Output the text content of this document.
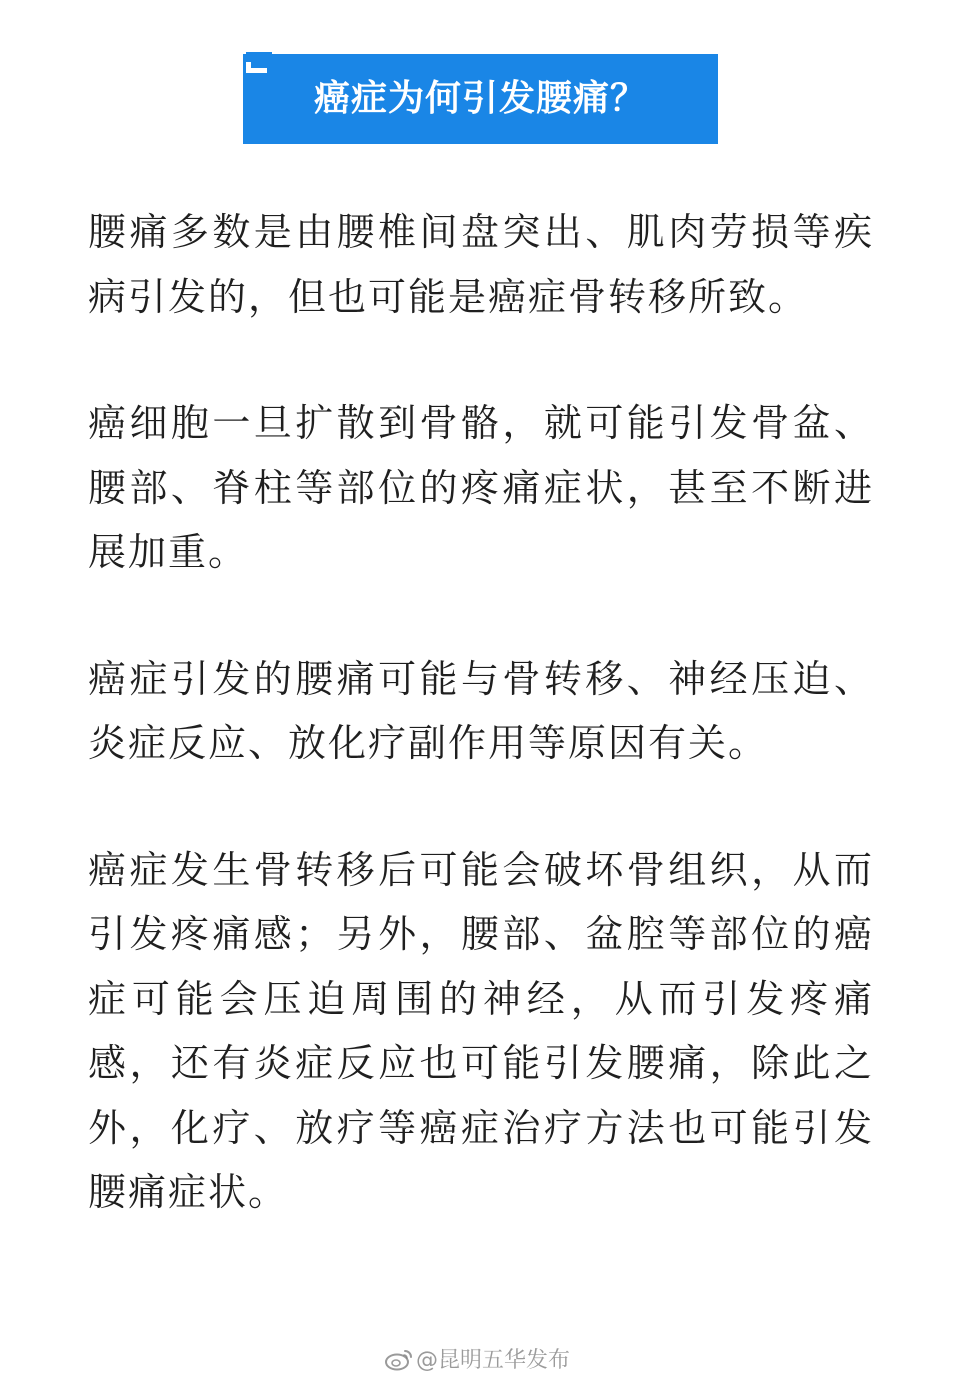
癌症为何引发腰痛？

腰痛多数是由腰椎间盘突出、肌肉劳损等疾病引发的，但也可能是癌症骨转移所致。

癌细胞一旦扩散到骨骼，就可能引发骨盆、腰部、脊柱等部位的疼痛症状，甚至不断进展加重。

癌症引发的腰痛可能与骨转移、神经压迫、炎症反应、放化疗副作用等原因有关。

癌症发生骨转移后可能会破坏骨组织，从而引发疼痛感；另外，腰部、盆腔等部位的癌症可能会压迫周围的神经，从而引发疼痛感，还有炎症反应也可能引发腰痛，除此之外，化疗、放疗等癌症治疗方法也可能引发腰痛症状。

@昆明五华发布
